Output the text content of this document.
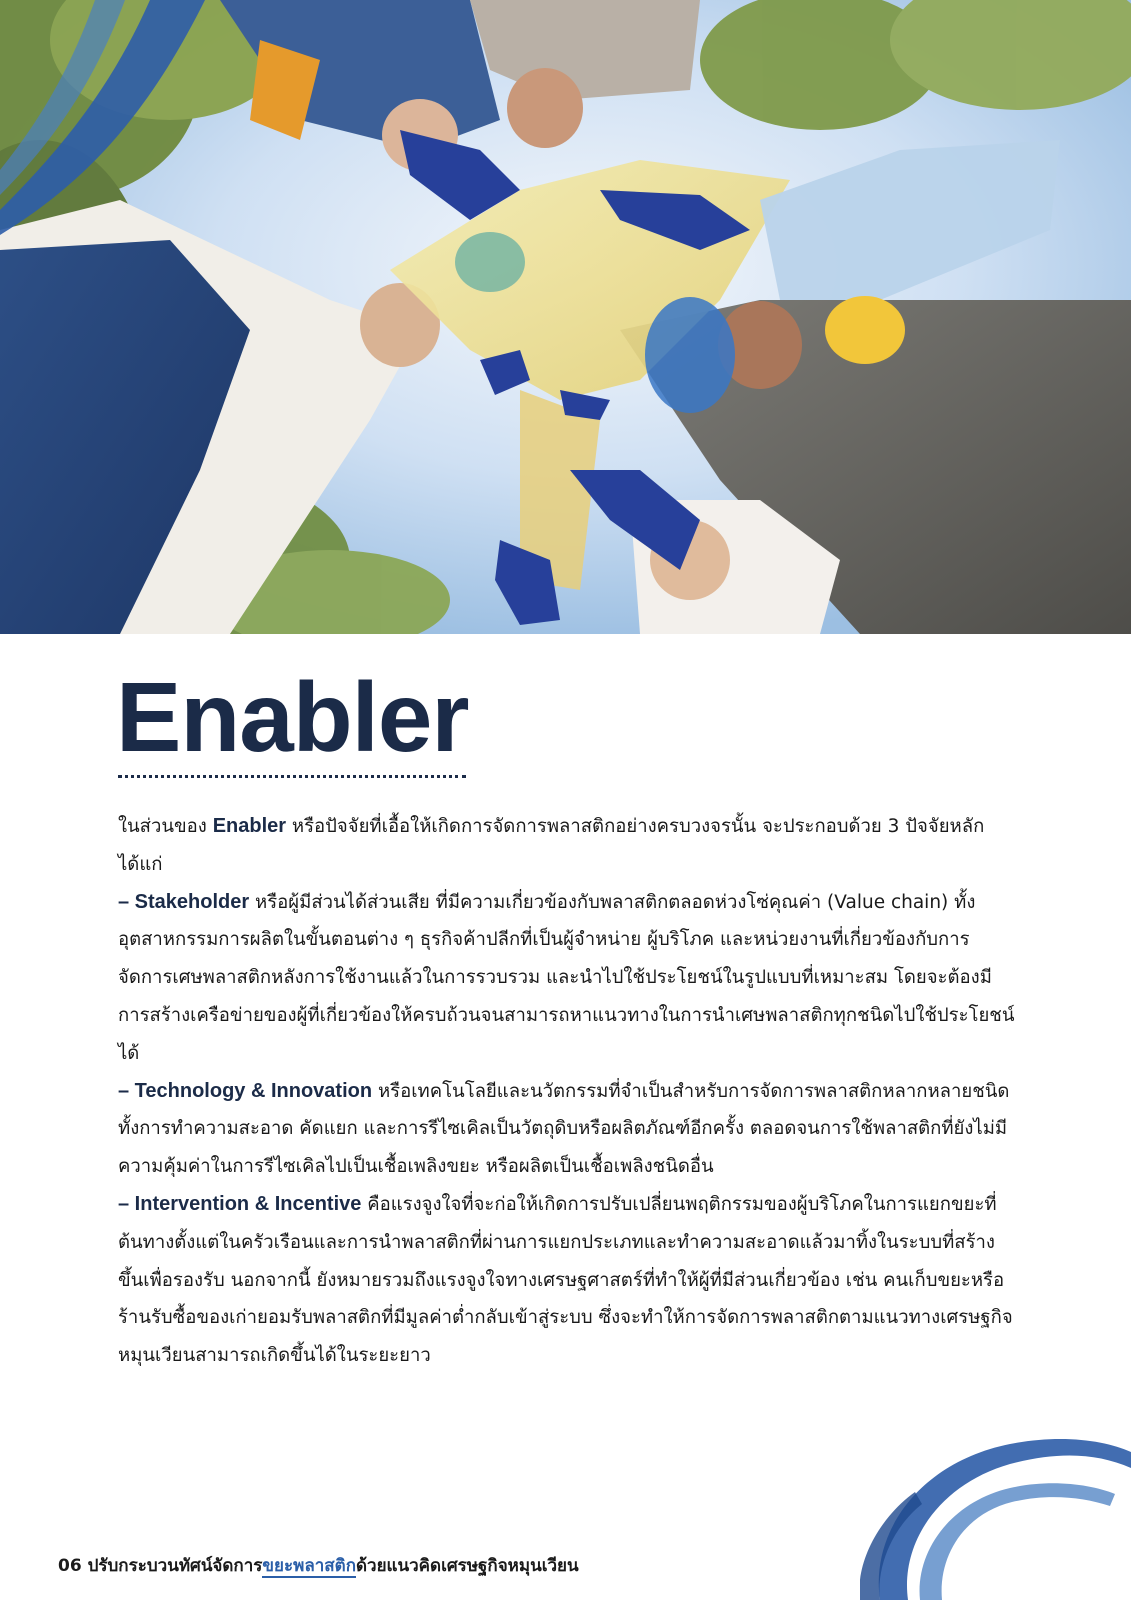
Enabler

ในส่วนของ Enabler หรือปัจจัยที่เอื้อให้เกิดการจัดการพลาสติกอย่างครบวงจรนั้น จะประกอบด้วย 3 ปัจจัยหลัก ได้แก่

– Stakeholder หรือผู้มีส่วนได้ส่วนเสีย ที่มีความเกี่ยวข้องกับพลาสติกตลอดห่วงโซ่คุณค่า (Value chain) ทั้งอุตสาหกรรมการผลิตในขั้นตอนต่าง ๆ ธุรกิจค้าปลีกที่เป็นผู้จำหน่าย ผู้บริโภค และหน่วยงานที่เกี่ยวข้องกับการจัดการเศษพลาสติกหลังการใช้งานแล้วในการรวบรวม และนำไปใช้ประโยชน์ในรูปแบบที่เหมาะสม โดยจะต้องมีการสร้างเครือข่ายของผู้ที่เกี่ยวข้องให้ครบถ้วนจนสามารถหาแนวทางในการนำเศษพลาสติกทุกชนิดไปใช้ประโยชน์ได้

– Technology & Innovation หรือเทคโนโลยีและนวัตกรรมที่จำเป็นสำหรับการจัดการพลาสติกหลากหลายชนิด ทั้งการทำความสะอาด คัดแยก และการรีไซเคิลเป็นวัตถุดิบหรือผลิตภัณฑ์อีกครั้ง ตลอดจนการใช้พลาสติกที่ยังไม่มีความคุ้มค่าในการรีไซเคิลไปเป็นเชื้อเพลิงขยะ หรือผลิตเป็นเชื้อเพลิงชนิดอื่น

– Intervention & Incentive คือแรงจูงใจที่จะก่อให้เกิดการปรับเปลี่ยนพฤติกรรมของผู้บริโภคในการแยกขยะที่ต้นทางตั้งแต่ในครัวเรือนและการนำพลาสติกที่ผ่านการแยกประเภทและทำความสะอาดแล้วมาทิ้งในระบบที่สร้างขึ้นเพื่อรองรับ นอกจากนี้ ยังหมายรวมถึงแรงจูงใจทางเศรษฐศาสตร์ที่ทำให้ผู้ที่มีส่วนเกี่ยวข้อง เช่น คนเก็บขยะหรือร้านรับซื้อของเก่ายอมรับพลาสติกที่มีมูลค่าต่ำกลับเข้าสู่ระบบ ซึ่งจะทำให้การจัดการพลาสติกตามแนวทางเศรษฐกิจหมุนเวียนสามารถเกิดขึ้นได้ในระยะยาว

06 ปรับกระบวนทัศน์จัดการขยะพลาสติกด้วยแนวคิดเศรษฐกิจหมุนเวียน
